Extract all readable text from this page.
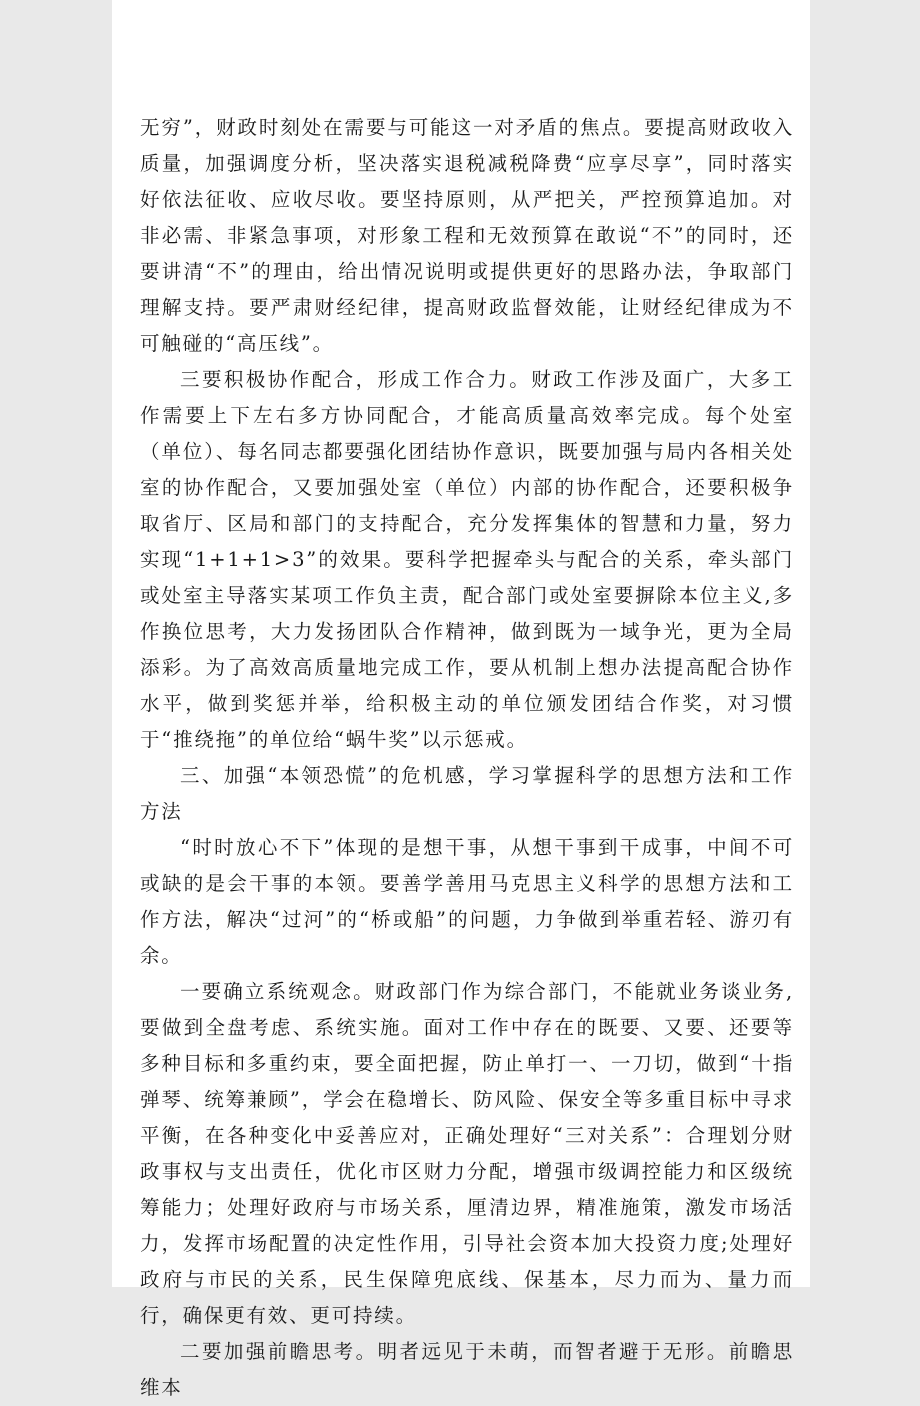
无穷”，财政时刻处在需要与可能这一对矛盾的焦点。要提高财政收入质量，加强调度分析，坚决落实退税减税降费“应享尽享”，同时落实好依法征收、应收尽收。要坚持原则，从严把关，严控预算追加。对非必需、非紧急事项，对形象工程和无效预算在敢说“不”的同时，还要讲清“不”的理由，给出情况说明或提供更好的思路办法，争取部门理解支持。要严肃财经纪律，提高财政监督效能，让财经纪律成为不可触碰的“高压线”。

三要积极协作配合，形成工作合力。财政工作涉及面广，大多工作需要上下左右多方协同配合，才能高质量高效率完成。每个处室（单位）、每名同志都要强化团结协作意识，既要加强与局内各相关处室的协作配合，又要加强处室（单位）内部的协作配合，还要积极争取省厅、区局和部门的支持配合，充分发挥集体的智慧和力量，努力实现“1+1+1>3”的效果。要科学把握牵头与配合的关系，牵头部门或处室主导落实某项工作负主责，配合部门或处室要摒除本位主义,多作换位思考，大力发扬团队合作精神，做到既为一域争光，更为全局添彩。为了高效高质量地完成工作，要从机制上想办法提高配合协作水平，做到奖惩并举，给积极主动的单位颁发团结合作奖，对习惯于“推绕拖”的单位给“蜗牛奖”以示惩戒。

三、加强“本领恐慌”的危机感，学习掌握科学的思想方法和工作方法

“时时放心不下”体现的是想干事，从想干事到干成事，中间不可或缺的是会干事的本领。要善学善用马克思主义科学的思想方法和工作方法，解决“过河”的“桥或船”的问题，力争做到举重若轻、游刃有余。

一要确立系统观念。财政部门作为综合部门，不能就业务谈业务,要做到全盘考虑、系统实施。面对工作中存在的既要、又要、还要等多种目标和多重约束，要全面把握，防止单打一、一刀切，做到“十指弹琴、统筹兼顾”，学会在稳增长、防风险、保安全等多重目标中寻求平衡，在各种变化中妥善应对，正确处理好“三对关系”：合理划分财政事权与支出责任，优化市区财力分配，增强市级调控能力和区级统筹能力；处理好政府与市场关系，厘清边界，精准施策，激发市场活力，发挥市场配置的决定性作用，引导社会资本加大投资力度;处理好政府与市民的关系，民生保障兜底线、保基本，尽力而为、量力而行，确保更有效、更可持续。

二要加强前瞻思考。明者远见于未萌，而智者避于无形。前瞻思维本
